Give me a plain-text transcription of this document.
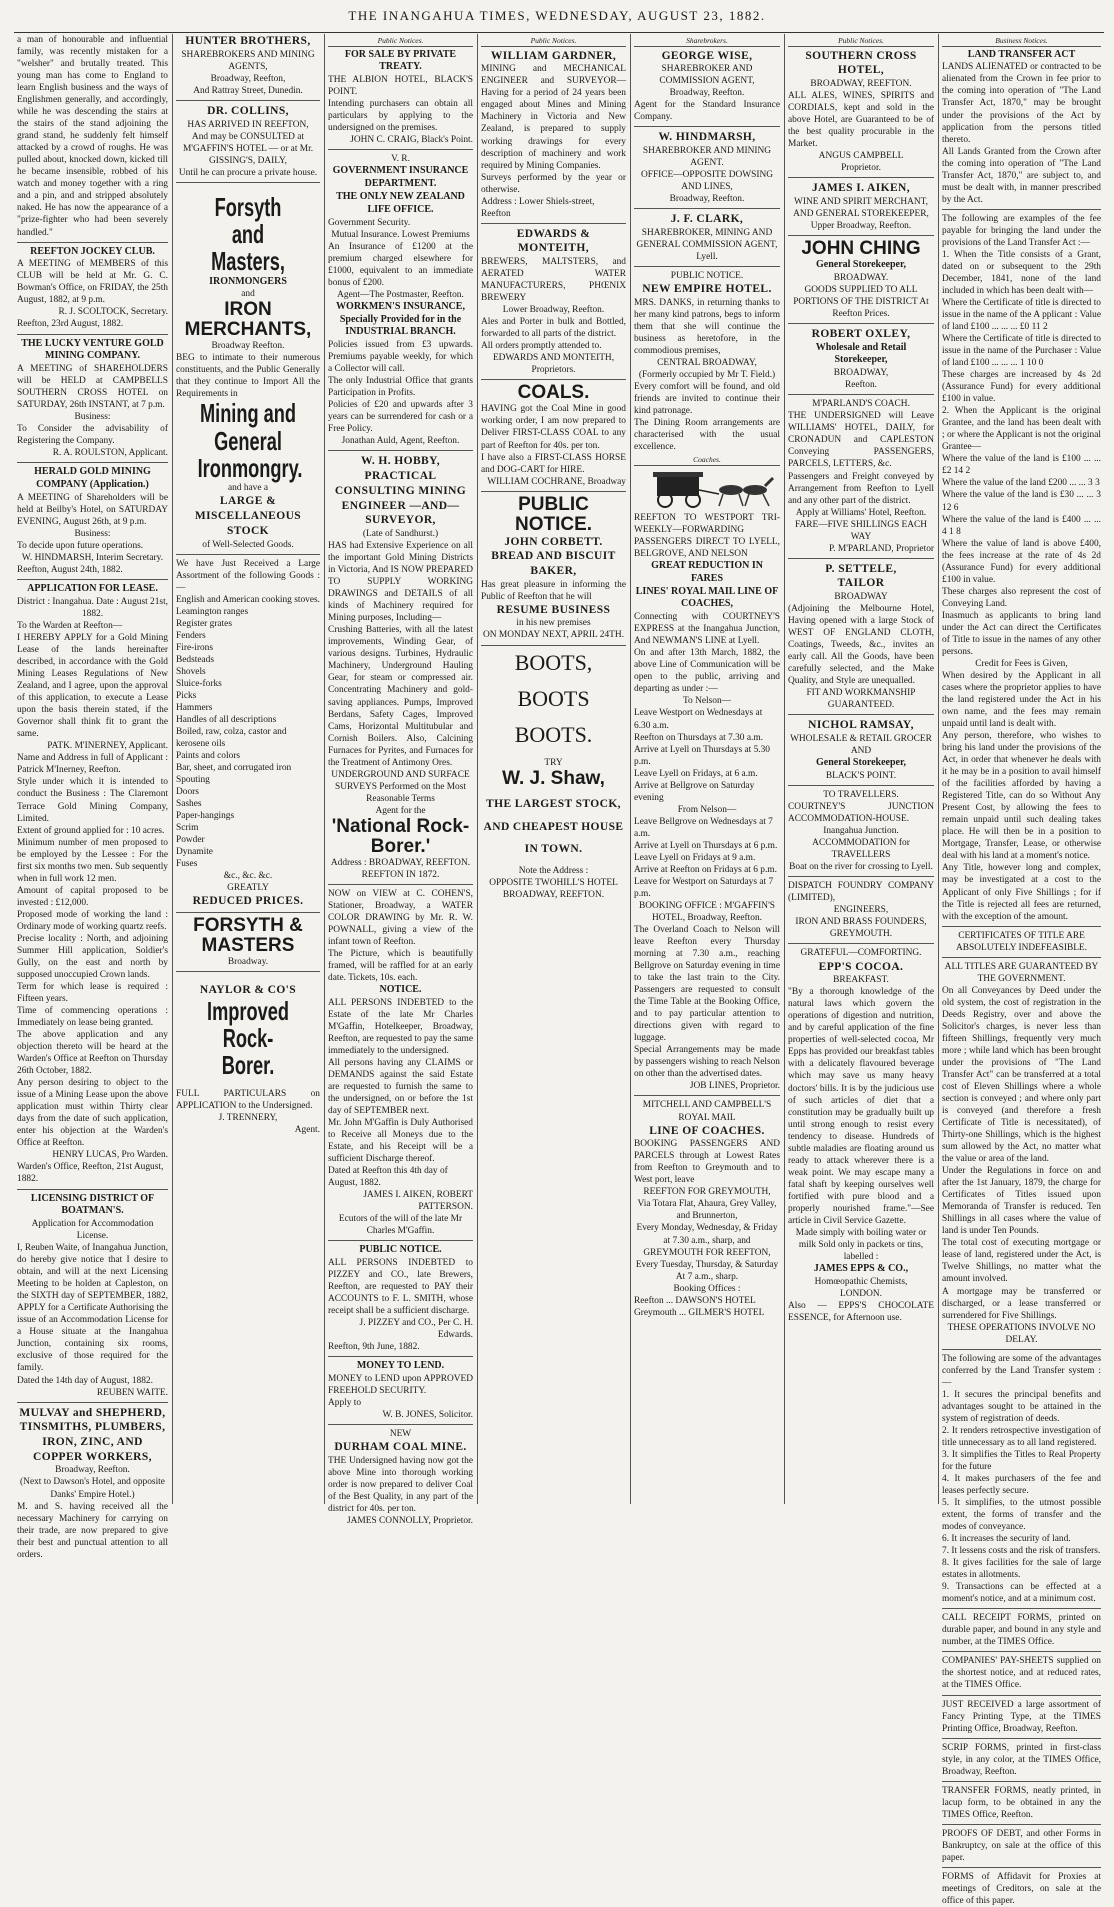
THE INANGAHUA TIMES, WEDNESDAY, AUGUST 23, 1882.
a man of honourable and influential family, was recently mistaken for a "welsher" and brutally treated. This young man has come to England to learn English business and the ways of Englishmen generally, and accordingly, while he was descending the stairs at the stairs of the stand adjoining the grand stand, he suddenly felt himself attacked by a crowd of roughs. He was pulled about, knocked down, kicked till he became insensible, robbed of his watch and money together with a ring and a pin, and and stripped absolutely naked. He has now the appearance of a "prize-fighter who had been severely handled."
REEFTON JOCKEY CLUB.
A MEETING of MEMBERS of this CLUB will be held at Mr. G. C. Bowman's Office, on FRIDAY, the 25th August, 1882, at 9 p.m.
R. J. SCOLTOCK, Secretary.
Reefton, 23rd August, 1882.
THE LUCKY VENTURE GOLD MINING COMPANY.
A MEETING of SHAREHOLDERS will be HELD at CAMPBELLS SOUTHERN CROSS HOTEL on SATURDAY, 26th INSTANT, at 7 p.m.
Business:
To Consider the advisability of Registering the Company.
R. A. ROULSTON, Applicant.
HERALD GOLD MINING COMPANY (Application.)
A MEETING of Shareholders will be held at Beilby's Hotel, on SATURDAY EVENING, August 26th, at 9 p.m.
Business:
To decide upon future operations.
W. HINDMARSH, Interim Secretary.
Reefton, August 24th, 1882.
APPLICATION FOR LEASE.
District : Inangahua. Date : August 21st, 1882.
To the Warden at Reefton—
I HEREBY APPLY for a Gold Mining Lease of the lands hereinafter described, in accordance with the Gold Mining Leases Regulations of New Zealand, and I agree, upon the approval of this application, to execute a Lease upon the basis therein stated, if the Governor shall think fit to grant the same.
PATK. M'INERNEY, Applicant.
Name and Address in full of Applicant : Patrick M'Inerney, Reefton.
Style under which it is intended to conduct the Business : The Claremont Terrace Gold Mining Company, Limited.
Extent of ground applied for : 10 acres.
Minimum number of men proposed to be employed by the Lessee : For the first six months two men. Sub sequently when in full work 12 men.
Amount of capital proposed to be invested : £12,000.
Proposed mode of working the land : Ordinary mode of working quartz reefs.
Precise locality : North, and adjoining Summer Hill application, Soldier's Gully, on the east and north by supposed unoccupied Crown lands.
Term for which lease is required : Fifteen years.
Time of commencing operations : Immediately on lease being granted.
The above application and any objection thereto will be heard at the Warden's Office at Reefton on Thursday 26th October, 1882.
Any person desiring to object to the issue of a Mining Lease upon the above application must within Thirty clear days from the date of such application, enter his objection at the Warden's Office at Reefton.
HENRY LUCAS, Pro Warden.
Warden's Office, Reefton, 21st August, 1882.
LICENSING DISTRICT OF BOATMAN'S.
Application for Accommodation License.
I, Reuben Waite, of Inangahua Junction, do hereby give notice that I desire to obtain, and will at the next Licensing Meeting to be holden at Capleston, on the SIXTH day of SEPTEMBER, 1882, APPLY for a Certificate Authorising the issue of an Accommodation License for a House situate at the Inangahua Junction, containing six rooms, exclusive of those required for the family.
Dated the 14th day of August, 1882.
REUBEN WAITE.
MULVAY and SHEPHERD, TINSMITHS, PLUMBERS, IRON, ZINC, AND COPPER WORKERS,
Broadway, Reefton.
(Next to Dawson's Hotel, and opposite Danks' Empire Hotel.)
M. and S. having received all the necessary Machinery for carrying on their trade, are now prepared to give their best and punctual attention to all orders.
HUNTER BROTHERS,
SHAREBROKERS AND MINING AGENTS,
Broadway, Reefton,
And Rattray Street, Dunedin.
DR. COLLINS,
HAS ARRIVED IN REEFTON,
And may be CONSULTED at M'GAFFIN'S HOTEL — or at Mr. GISSING'S, DAILY,
Until he can procure a private house.
Forsyth and Masters,
IRONMONGERS
and
IRON MERCHANTS,
Broadway Reefton.
BEG to intimate to their numerous constituents, and the Public Generally that they continue to Import All the Requirements in
Mining and General
Ironmongry.
and have a
LARGE & MISCELLANEOUS STOCK
of Well-Selected Goods.
We have Just Received a Large Assortment of the following Goods :—
English and American cooking stoves.
Leamington ranges
Register grates
Fenders
Fire-irons
Bedsteads
Shovels
Sluice-forks
Picks
Hammers
Handles of all descriptions
Boiled, raw, colza, castor and kerosene oils
Paints and colors
Bar, sheet, and corrugated iron
Spouting
Doors
Sashes
Paper-hangings
Scrim
Powder
Dynamite
Fuses
&c., &c. &c.
GREATLY
REDUCED PRICES.
FORSYTH & MASTERS
Broadway.
NAYLOR & CO'S
Improved Rock-Borer.
FULL PARTICULARS on APPLICATION to the Undersigned.
J. TRENNERY,
Agent.
Public Notices.
FOR SALE BY PRIVATE TREATY.
THE ALBION HOTEL, BLACK'S POINT.
Intending purchasers can obtain all particulars by applying to the undersigned on the premises.
JOHN C. CRAIG, Black's Point.
V. R.
GOVERNMENT INSURANCE DEPARTMENT.
THE ONLY NEW ZEALAND LIFE OFFICE.
Government Security.
Mutual Insurance. Lowest Premiums
An Insurance of £1200 at the premium charged elsewhere for £1000, equivalent to an immediate bonus of £200.
Agent—The Postmaster, Reefton.
WORKMEN'S INSURANCE, Specially Provided for in the INDUSTRIAL BRANCH.
Policies issued from £3 upwards. Premiums payable weekly, for which a Collector will call.
The only Industrial Office that grants Participation in Profits.
Policies of £20 and upwards after 3 years can be surrendered for cash or a Free Policy.
Jonathan Auld, Agent, Reefton.
W. H. HOBBY, PRACTICAL CONSULTING MINING ENGINEER —AND— SURVEYOR,
(Late of Sandhurst.)
HAS had Extensive Experience on all the important Gold Mining Districts in Victoria, And IS NOW PREPARED TO SUPPLY WORKING DRAWINGS and DETAILS of all kinds of Machinery required for Mining purposes, Including—
Crushing Batteries, with all the latest improvements, Winding Gear, of various designs. Turbines, Hydraulic Machinery, Underground Hauling Gear, for steam or compressed air. Concentrating Machinery and gold-saving appliances. Pumps, Improved Berdans, Safety Cages, Improved Cams, Horizontal Multitubular and Cornish Boilers. Also, Calcining Furnaces for Pyrites, and Furnaces for the Treatment of Antimony Ores.
UNDERGROUND AND SURFACE SURVEYS Performed on the Most Reasonable Terms
Agent for the
'National Rock-Borer.'
Address : BROADWAY, REEFTON.
REEFTON IN 1872.
NOW on VIEW at C. COHEN'S, Stationer, Broadway, a WATER COLOR DRAWING by Mr. R. W. POWNALL, giving a view of the infant town of Reefton.
The Picture, which is beautifully framed, will be raffled for at an early date. Tickets, 10s. each.
NOTICE.
ALL PERSONS INDEBTED to the Estate of the late Mr Charles M'Gaffin, Hotelkeeper, Broadway, Reefton, are requested to pay the same immediately to the undersigned.
All persons having any CLAIMS or DEMANDS against the said Estate are requested to furnish the same to the undersigned, on or before the 1st day of SEPTEMBER next.
Mr. John M'Gaffin is Duly Authorised to Receive all Moneys due to the Estate, and his Receipt will be a sufficient Discharge thereof.
Dated at Reefton this 4th day of August, 1882.
JAMES I. AIKEN, ROBERT PATTERSON.
Ecutors of the will of the late Mr Charles M'Gaffin.
PUBLIC NOTICE.
ALL PERSONS INDEBTED to PIZZEY and CO., late Brewers, Reefton, are requested to PAY their ACCOUNTS to F. L. SMITH, whose receipt shall be a sufficient discharge.
J. PIZZEY and CO., Per C. H. Edwards.
Reefton, 9th June, 1882.
MONEY TO LEND.
MONEY to LEND upon APPROVED FREEHOLD SECURITY.
Apply to
W. B. JONES, Solicitor.
NEW
DURHAM COAL MINE.
THE Undersigned having now got the above Mine into thorough working order is now prepared to deliver Coal of the Best Quality, in any part of the district for 40s. per ton.
JAMES CONNOLLY, Proprietor.
Public Notices.
WILLIAM GARDNER,
MINING and MECHANICAL ENGINEER and SURVEYOR—Having for a period of 24 years been engaged about Mines and Mining Machinery in Victoria and New Zealand, is prepared to supply working drawings for every description of machinery and work required by Mining Companies.
Surveys performed by the year or otherwise.
Address : Lower Shiels-street, Reefton
EDWARDS & MONTEITH,
BREWERS, MALTSTERS, and AERATED WATER MANUFACTURERS, PHŒNIX BREWERY
Lower Broadway, Reefton.
Ales and Porter in bulk and Bottled, forwarded to all parts of the district.
All orders promptly attended to.
EDWARDS AND MONTEITH, Proprietors.
COALS.
HAVING got the Coal Mine in good working order, I am now prepared to Deliver FIRST-CLASS COAL to any part of Reefton for 40s. per ton.
I have also a FIRST-CLASS HORSE and DOG-CART for HIRE.
WILLIAM COCHRANE, Broadway
PUBLIC NOTICE.
JOHN CORBETT.
BREAD AND BISCUIT BAKER,
Has great pleasure in informing the Public of Reefton that he will
RESUME BUSINESS
in his new premises
ON MONDAY NEXT, APRIL 24TH.
BOOTS,
BOOTS
BOOTS.
TRY
W. J. Shaw,
THE LARGEST STOCK,
AND CHEAPEST HOUSE
IN TOWN.
Note the Address :
OPPOSITE TWOHILL'S HOTEL
BROADWAY, REEFTON.
Sharebrokers.
GEORGE WISE,
SHAREBROKER AND COMMISSION AGENT,
Broadway, Reefton.
Agent for the Standard Insurance Company.
W. HINDMARSH,
SHAREBROKER AND MINING AGENT.
OFFICE—OPPOSITE DOWSING AND LINES,
Broadway, Reefton.
J. F. CLARK,
SHAREBROKER, MINING AND GENERAL COMMISSION AGENT,
Lyell.
PUBLIC NOTICE.
NEW EMPIRE HOTEL.
MRS. DANKS, in returning thanks to her many kind patrons, begs to inform them that she will continue the business as heretofore, in the commodious premises,
CENTRAL BROADWAY,
(Formerly occupied by Mr T. Field.)
Every comfort will be found, and old friends are invited to continue their kind patronage.
The Dining Room arrangements are characterised with the usual excellence.
Coaches.
REEFTON TO WESTPORT TRI-WEEKLY—FORWARDING PASSENGERS DIRECT TO LYELL, BELGROVE, AND NELSON
GREAT REDUCTION IN FARES
LINES' ROYAL MAIL LINE OF COACHES,
Connecting with COURTNEY'S EXPRESS at the Inangahua Junction, And NEWMAN'S LINE at Lyell.
On and after 13th March, 1882, the above Line of Communication will be open to the public, arriving and departing as under :—
To Nelson—
Leave Westport on Wednesdays at 6.30 a.m.
Reefton on Thursdays at 7.30 a.m.
Arrive at Lyell on Thursdays at 5.30 p.m.
Leave Lyell on Fridays, at 6 a.m.
Arrive at Bellgrove on Saturday evening
From Nelson—
Leave Bellgrove on Wednesdays at 7 a.m.
Arrive at Lyell on Thursdays at 6 p.m.
Leave Lyell on Fridays at 9 a.m.
Arrive at Reefton on Fridays at 6 p.m.
Leave for Westport on Saturdays at 7 p.m.
BOOKING OFFICE : M'GAFFIN'S HOTEL, Broadway, Reefton.
The Overland Coach to Nelson will leave Reefton every Thursday morning at 7.30 a.m., reaching Bellgrove on Saturday evening in time to take the last train to the City. Passengers are requested to consult the Time Table at the Booking Office, and to pay particular attention to directions given with regard to luggage.
Special Arrangements may be made by passengers wishing to reach Nelson on other than the advertised dates.
JOB LINES, Proprietor.
MITCHELL AND CAMPBELL'S ROYAL MAIL
LINE OF COACHES.
BOOKING PASSENGERS AND PARCELS through at Lowest Rates from Reefton to Greymouth and to West port, leave
REEFTON FOR GREYMOUTH,
Via Totara Flat, Ahaura, Grey Valley, and Brunnerton,
Every Monday, Wednesday, & Friday at 7.30 a.m., sharp, and
GREYMOUTH FOR REEFTON,
Every Tuesday, Thursday, & Saturday At 7 a.m., sharp.
Booking Offices :
Reefton ... DAWSON'S HOTEL
Greymouth ... GILMER'S HOTEL
Public Notices.
SOUTHERN CROSS HOTEL,
BROADWAY, REEFTON.
ALL ALES, WINES, SPIRITS and CORDIALS, kept and sold in the above Hotel, are Guaranteed to be of the best quality procurable in the Market.
ANGUS CAMPBELL
Proprietor.
JAMES I. AIKEN,
WINE AND SPIRIT MERCHANT, AND GENERAL STOREKEEPER,
Upper Broadway, Reefton.
JOHN CHING
General Storekeeper,
BROADWAY.
GOODS SUPPLIED TO ALL PORTIONS OF THE DISTRICT At Reefton Prices.
ROBERT OXLEY,
Wholesale and Retail Storekeeper,
BROADWAY,
Reefton.
M'PARLAND'S COACH.
THE UNDERSIGNED will Leave WILLIAMS' HOTEL, DAILY, for CRONADUN and CAPLESTON Conveying PASSENGERS, PARCELS, LETTERS, &c.
Passengers and Freight conveyed by Arrangement from Reefton to Lyell and any other part of the district.
Apply at Williams' Hotel, Reefton.
FARE—FIVE SHILLINGS EACH WAY
P. M'PARLAND, Proprietor
P. SETTELE,
TAILOR
BROADWAY
(Adjoining the Melbourne Hotel, Having opened with a large Stock of WEST OF ENGLAND CLOTH, Coatings, Tweeds, &c., invites an early call. All the Goods, have been carefully selected, and the Make Quality, and Style are unequalled.
FIT AND WORKMANSHIP GUARANTEED.
NICHOL RAMSAY,
WHOLESALE & RETAIL GROCER
AND
General Storekeeper,
BLACK'S POINT.
TO TRAVELLERS.
COURTNEY'S JUNCTION ACCOMMODATION-HOUSE.
Inangahua Junction.
ACCOMMODATION for TRAVELLERS
Boat on the river for crossing to Lyell.
DISPATCH FOUNDRY COMPANY (LIMITED),
ENGINEERS,
IRON AND BRASS FOUNDERS,
GREYMOUTH.
GRATEFUL—COMFORTING.
EPP'S COCOA.
BREAKFAST.
"By a thorough knowledge of the natural laws which govern the operations of digestion and nutrition, and by careful application of the fine properties of well-selected cocoa, Mr Epps has provided our breakfast tables with a delicately flavoured beverage which may save us many heavy doctors' bills. It is by the judicious use of such articles of diet that a constitution may be gradually built up until strong enough to resist every tendency to disease. Hundreds of subtle maladies are floating around us ready to attack wherever there is a weak point. We may escape many a fatal shaft by keeping ourselves well fortified with pure blood and a properly nourished frame."—See article in Civil Service Gazette.
Made simply with boiling water or milk Sold only in packets or tins, labelled :
JAMES EPPS & CO.,
Homœopathic Chemists,
LONDON.
Also — EPPS'S CHOCOLATE ESSENCE, for Afternoon use.
Business Notices.
LAND TRANSFER ACT
LANDS ALIENATED or contracted to be alienated from the Crown in fee prior to the coming into operation of "The Land Transfer Act, 1870," may be brought under the provisions of the Act by application from the persons titled thereto.
All Lands Granted from the Crown after the coming into operation of "The Land Transfer Act, 1870," are subject to, and must be dealt with, in manner prescribed by the Act.
The following are examples of the fee payable for bringing the land under the provisions of the Land Transfer Act :—
1. When the Title consists of a Grant, dated on or subsequent to the 29th December, 1841, none of the land included in which has been dealt with—
Where the Certificate of title is directed to issue in the name of the A pplicant : Value of land £100 ... ... ... £0 11 2
Where the Certificate of title is directed to issue in the name of the Purchaser : Value of land £100 ... ... ... 1 10 0
These charges are increased by 4s 2d (Assurance Fund) for every additional £100 in value.
2. When the Applicant is the original Grantee, and the land has been dealt with ; or where the Applicant is not the original Grantee—
Where the value of the land is £100 ... ... £2 14 2
Where the value of the land £200 ... ... 3 3
Where the value of the land is £30 ... ... 3 12 6
Where the value of the land is £400 ... ... 4 1 8
Where the value of land is above £400, the fees increase at the rate of 4s 2d (Assurance Fund) for every additional £100 in value.
These charges also represent the cost of Conveying Land.
Inasmuch as applicants to bring land under the Act can direct the Certificates of Title to issue in the names of any other persons.
Credit for Fees is Given,
When desired by the Applicant in all cases where the proprietor applies to have the land registered under the Act in his own name, and the fees may remain unpaid until land is dealt with.
Any person, therefore, who wishes to bring his land under the provisions of the Act, in order that whenever he deals with it he may be in a position to avail himself of the facilities afforded by having a Registered Title, can do so Without Any Present Cost, by allowing the fees to remain unpaid until such dealing takes place. He will then be in a position to Mortgage, Transfer, Lease, or otherwise deal with his land at a moment's notice.
Any Title, however long and complex, may be investigated at a cost to the Applicant of only Five Shillings ; for if the Title is rejected all fees are returned, with the exception of the amount.
CERTIFICATES OF TITLE ARE ABSOLUTELY INDEFEASIBLE.
ALL TITLES ARE GUARANTEED BY THE GOVERNMENT.
On all Conveyances by Deed under the old system, the cost of registration in the Deeds Registry, over and above the Solicitor's charges, is never less than fifteen Shillings, frequently very much more ; while land which has been brought under the provisions of "The Land Transfer Act" can be transferred at a total cost of Eleven Shillings where a whole section is conveyed ; and where only part is conveyed (and therefore a fresh Certificate of Title is necessitated), of Thirty-one Shillings, which is the highest sum allowed by the Act, no matter what the value or area of the land.
Under the Regulations in force on and after the 1st January, 1879, the charge for Certificates of Titles issued upon Memoranda of Transfer is reduced. Ten Shillings in all cases where the value of land is under Ten Pounds.
The total cost of executing mortgage or lease of land, registered under the Act, is Twelve Shillings, no matter what the amount involved.
A mortgage may be transferred or discharged, or a lease transferred or surrendered for Five Shillings.
THESE OPERATIONS INVOLVE NO DELAY.
The following are some of the advantages conferred by the Land Transfer system :—
1. It secures the principal benefits and advantages sought to be attained in the system of registration of deeds.
2. It renders retrospective investigation of title unnecessary as to all land registered.
3. It simplifies the Titles to Real Property for the future
4. It makes purchasers of the fee and leases perfectly secure.
5. It simplifies, to the utmost possible extent, the forms of transfer and the modes of conveyance.
6. It increases the security of land.
7. It lessens costs and the risk of transfers.
8. It gives facilities for the sale of large estates in allotments.
9. Transactions can be effected at a moment's notice, and at a minimum cost.
CALL RECEIPT FORMS, printed on durable paper, and bound in any style and number, at the TIMES Office.
COMPANIES' PAY-SHEETS supplied on the shortest notice, and at reduced rates, at the TIMES Office.
JUST RECEIVED a large assortment of Fancy Printing Type, at the TIMES Printing Office, Broadway, Reefton.
SCRIP FORMS, printed in first-class style, in any color, at the TIMES Office, Broadway, Reefton.
TRANSFER FORMS, neatly printed, in lacup form, to be obtained in any the TIMES Office, Reefton.
PROOFS OF DEBT, and other Forms in Bankruptcy, on sale at the office of this paper.
FORMS of Affidavit for Proxies at meetings of Creditors, on sale at the office of this paper.
